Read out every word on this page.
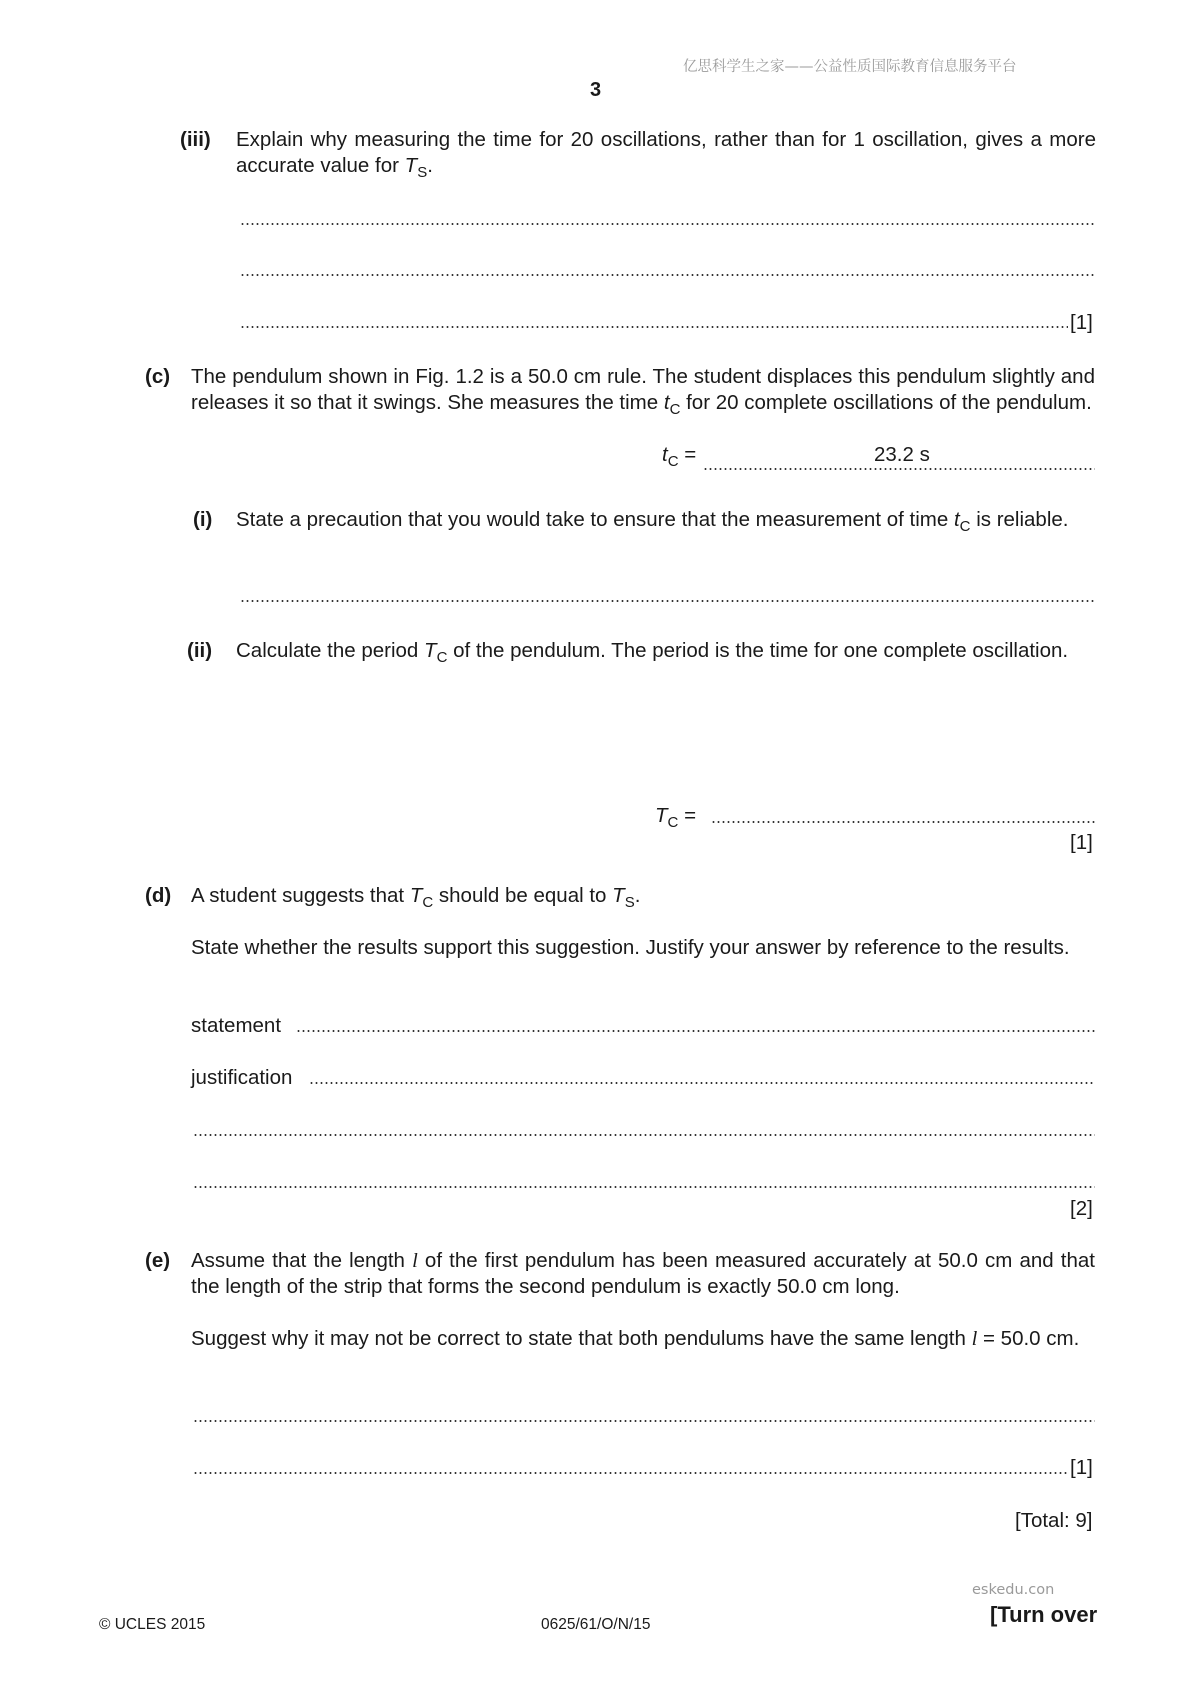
亿思科学生之家——公益性质国际教育信息服务平台
3
(iii) Explain why measuring the time for 20 oscillations, rather than for 1 oscillation, gives a more accurate value for $T_S$.
[1]
(c) The pendulum shown in Fig. 1.2 is a 50.0 cm rule. The student displaces this pendulum slightly and releases it so that it swings. She measures the time $t_C$ for 20 complete oscillations of the pendulum.
$t_C$ =	23.2 s
(i) State a precaution that you would take to ensure that the measurement of time $t_C$ is reliable.
(ii) Calculate the period $T_C$ of the pendulum. The period is the time for one complete oscillation.
$T_C$ =
[1]
(d) A student suggests that $T_C$ should be equal to $T_S$.
State whether the results support this suggestion. Justify your answer by reference to the results.
statement
justification
[2]
(e) Assume that the length l of the first pendulum has been measured accurately at 50.0 cm and that the length of the strip that forms the second pendulum is exactly 50.0 cm long.
Suggest why it may not be correct to state that both pendulums have the same length l = 50.0 cm.
[1]
[Total: 9]
eskedu.con
© UCLES 2015	0625/61/O/N/15	[Turn over
